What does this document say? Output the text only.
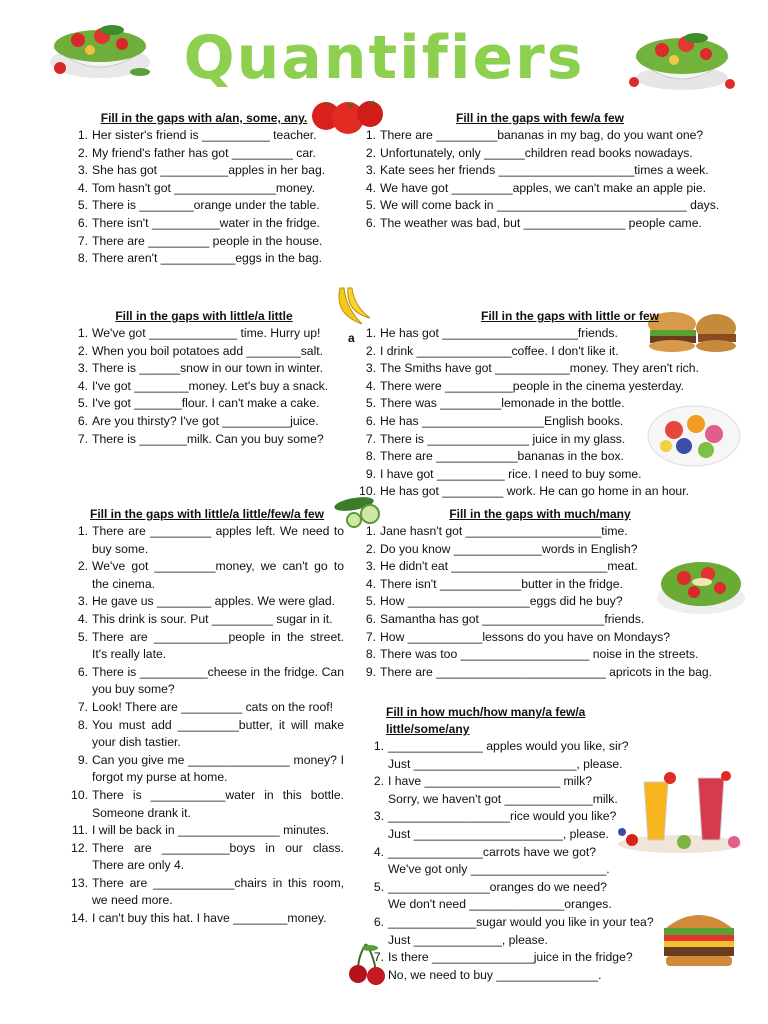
Quantifiers
Fill in the gaps with a/an, some, any.
1. Her sister's friend is __________ teacher.
2. My friend's father has got _________ car.
3. She has got __________apples in her bag.
4. Tom hasn't got _______________money.
5. There is ________orange under the table.
6. There isn't __________water in the fridge.
7. There are _________ people in the house.
8. There aren't ___________eggs in the bag.
Fill in the gaps with few/a few
1. There are _________bananas in my bag, do you want one?
2. Unfortunately, only ______children read books nowadays.
3. Kate sees her friends ____________________times a week.
4. We have got _________apples, we can't make an apple pie.
5. We will come back in ____________________________ days.
6. The weather was bad, but _______________ people came.
Fill in the gaps with little/a little
1. We've got _____________ time. Hurry up!
2. When you boil potatoes add ________salt.
3. There is ______snow in our town in winter.
4. I've got ________money. Let's buy a snack.
5. I've got _______flour. I can't make a cake.
6. Are you thirsty? I've got __________juice.
7. There is _______milk. Can you buy some?
a
Fill in the gaps with little or few
1. He has got ____________________friends.
2. I drink ______________coffee. I don't like it.
3. The Smiths have got ___________money. They aren't rich.
4. There were __________people in the cinema yesterday.
5. There was _________lemonade in the bottle.
6. He has __________________English books.
7. There is _______________ juice in my glass.
8. There are ____________bananas in the box.
9. I have got __________ rice. I need to buy some.
10. He has got _________ work. He can go home in an hour.
Fill in the gaps with little/a little/few/a few
1. There are _________ apples left. We need to buy some.
2. We've got _________money, we can't go to the cinema.
3. He gave us ________ apples. We were glad.
4. This drink is sour. Put _________ sugar in it.
5. There are ___________people in the street. It's really late.
6. There is __________cheese in the fridge. Can you buy some?
7. Look! There are _________ cats on the roof!
8. You must add _________butter, it will make your dish tastier.
9. Can you give me _______________ money? I forgot my purse at home.
10. There is ___________water in this bottle. Someone drank it.
11. I will be back in _______________ minutes.
12. There are __________boys in our class. There are only 4.
13. There are ____________chairs in this room, we need more.
14. I can't buy this hat. I have ________money.
Fill in the gaps with much/many
1. Jane hasn't got ____________________time.
2. Do you know _____________words in English?
3. He didn't eat _______________________meat.
4. There isn't ____________butter in the fridge.
5. How __________________eggs did he buy?
6. Samantha has got __________________friends.
7. How ___________lessons do you have on Mondays?
8. There was too ___________________ noise in the streets.
9. There are _________________________ apricots in the bag.
Fill in how much/how many/a few/a little/some/any
1. ______________ apples would you like, sir?
Just ________________________, please.
2. I have ____________________ milk?
Sorry, we haven't got _____________milk.
3. __________________rice would you like?
Just ______________________, please.
4. ______________carrots have we got?
We've got only ____________________.
5. _______________oranges do we need?
We don't need ______________oranges.
6. _____________sugar would you like in your tea?
Just _____________, please.
7. Is there _______________juice in the fridge?
No, we need to buy _______________.
